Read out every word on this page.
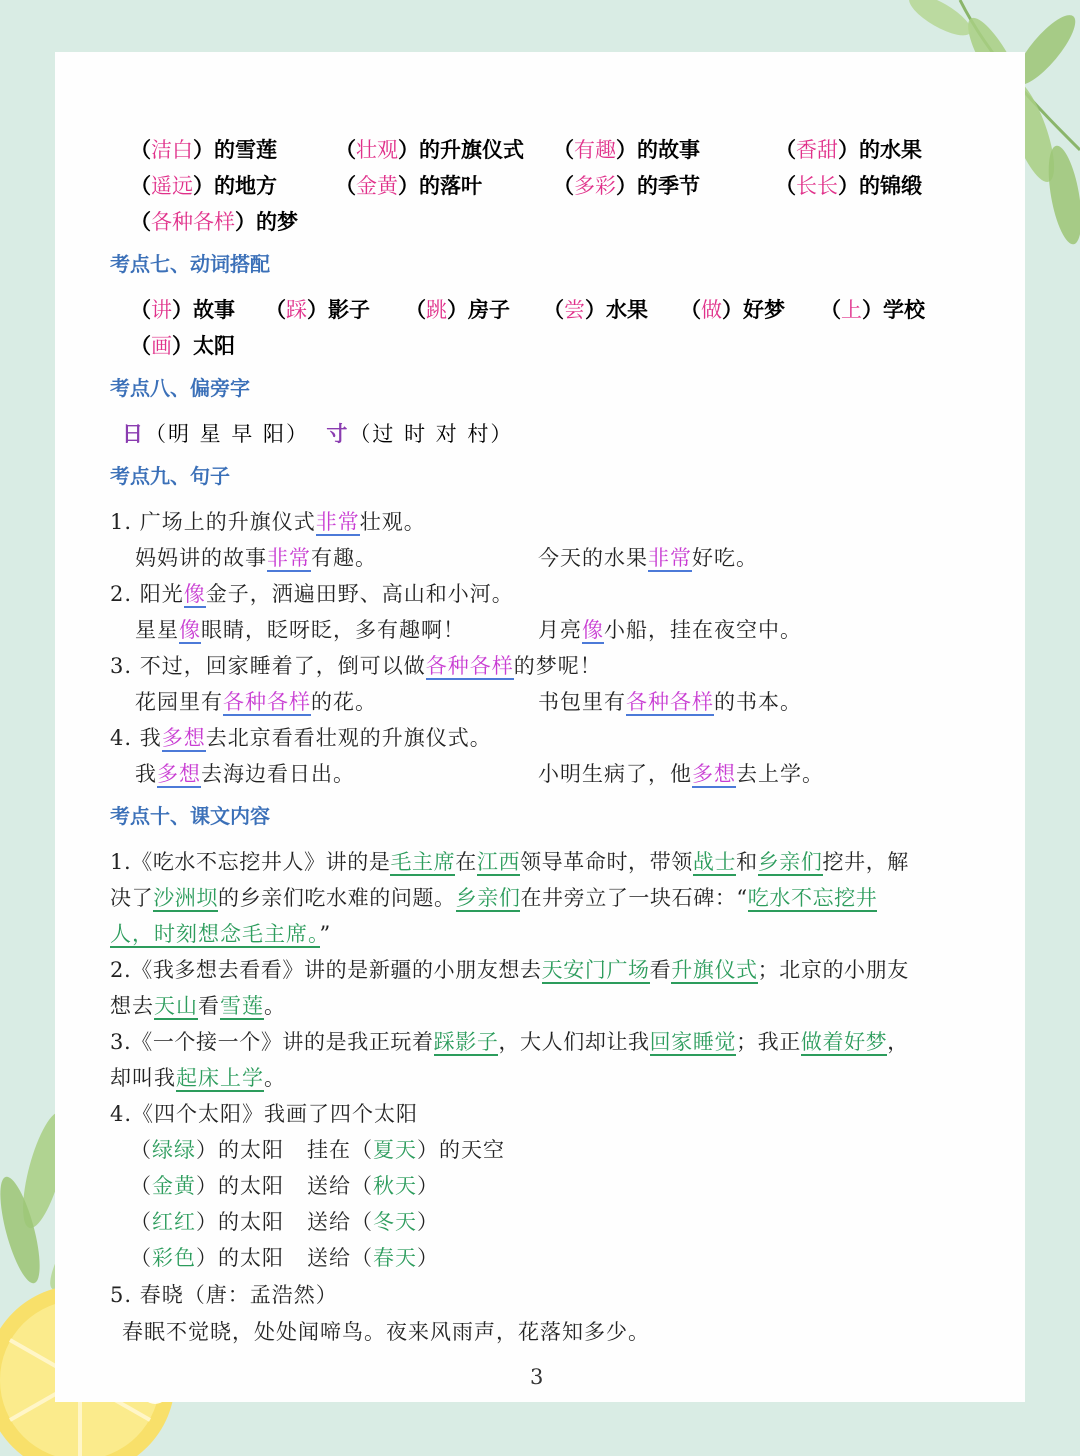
（洁白）的雪莲	（壮观）的升旗仪式 （有趣）的故事	（香甜）的水果
（遥远）的地方	（金黄）的落叶	（多彩）的季节	（长长）的锦缎
（各种各样）的梦
考点七、动词搭配
（讲）故事 （踩）影子 （跳）房子 （尝）水果 （做）好梦 （上）学校
（画）太阳
考点八、偏旁字
日（明 星 早 阳） 寸（过 时 对 村）
考点九、句子
1. 广场上的升旗仪式非常壮观。
妈妈讲的故事非常有趣。	今天的水果非常好吃。
2. 阳光像金子，洒遍田野、高山和小河。
星星像眼睛，眨呀眨，多有趣啊！	月亮像小船，挂在夜空中。
3. 不过，回家睡着了，倒可以做各种各样的梦呢！
花园里有各种各样的花。	书包里有各种各样的书本。
4. 我多想去北京看看壮观的升旗仪式。
我多想去海边看日出。	小明生病了，他多想去上学。
考点十、课文内容
1.《吃水不忘挖井人》讲的是毛主席在江西领导革命时，带领战士和乡亲们挖井，解
决了沙洲坝的乡亲们吃水难的问题。乡亲们在井旁立了一块石碑：“吃水不忘挖井
人，时刻想念毛主席。”
2.《我多想去看看》讲的是新疆的小朋友想去天安门广场看升旗仪式；北京的小朋友
想去天山看雪莲。
3.《一个接一个》讲的是我正玩着踩影子，大人们却让我回家睡觉；我正做着好梦，
却叫我起床上学。
4.《四个太阳》我画了四个太阳
（绿绿）的太阳   挂在（夏天）的天空
（金黄）的太阳   送给（秋天）
（红红）的太阳   送给（冬天）
（彩色）的太阳   送给（春天）
5. 春晓（唐：孟浩然）
春眠不觉晓，处处闻啼鸟。夜来风雨声，花落知多少。
3
